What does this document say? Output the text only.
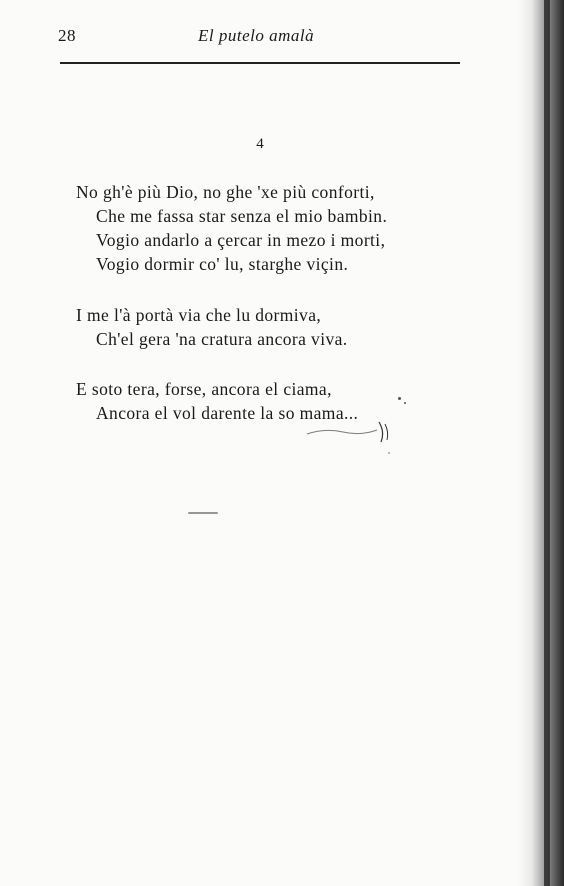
28	El putelo amalà
4
No gh'è più Dio, no ghe 'xe più conforti,
Che me fassa star senza el mio bambin.
Vogio andarlo a çercar in mezo i morti,
Vogio dormir co' lu, starghe viçin.
I me l'à portà via che lu dormiva,
Ch'el gera 'na cratura ancora viva.
E soto tera, forse, ancora el ciama,
Ancora el vol darente la so mama...
